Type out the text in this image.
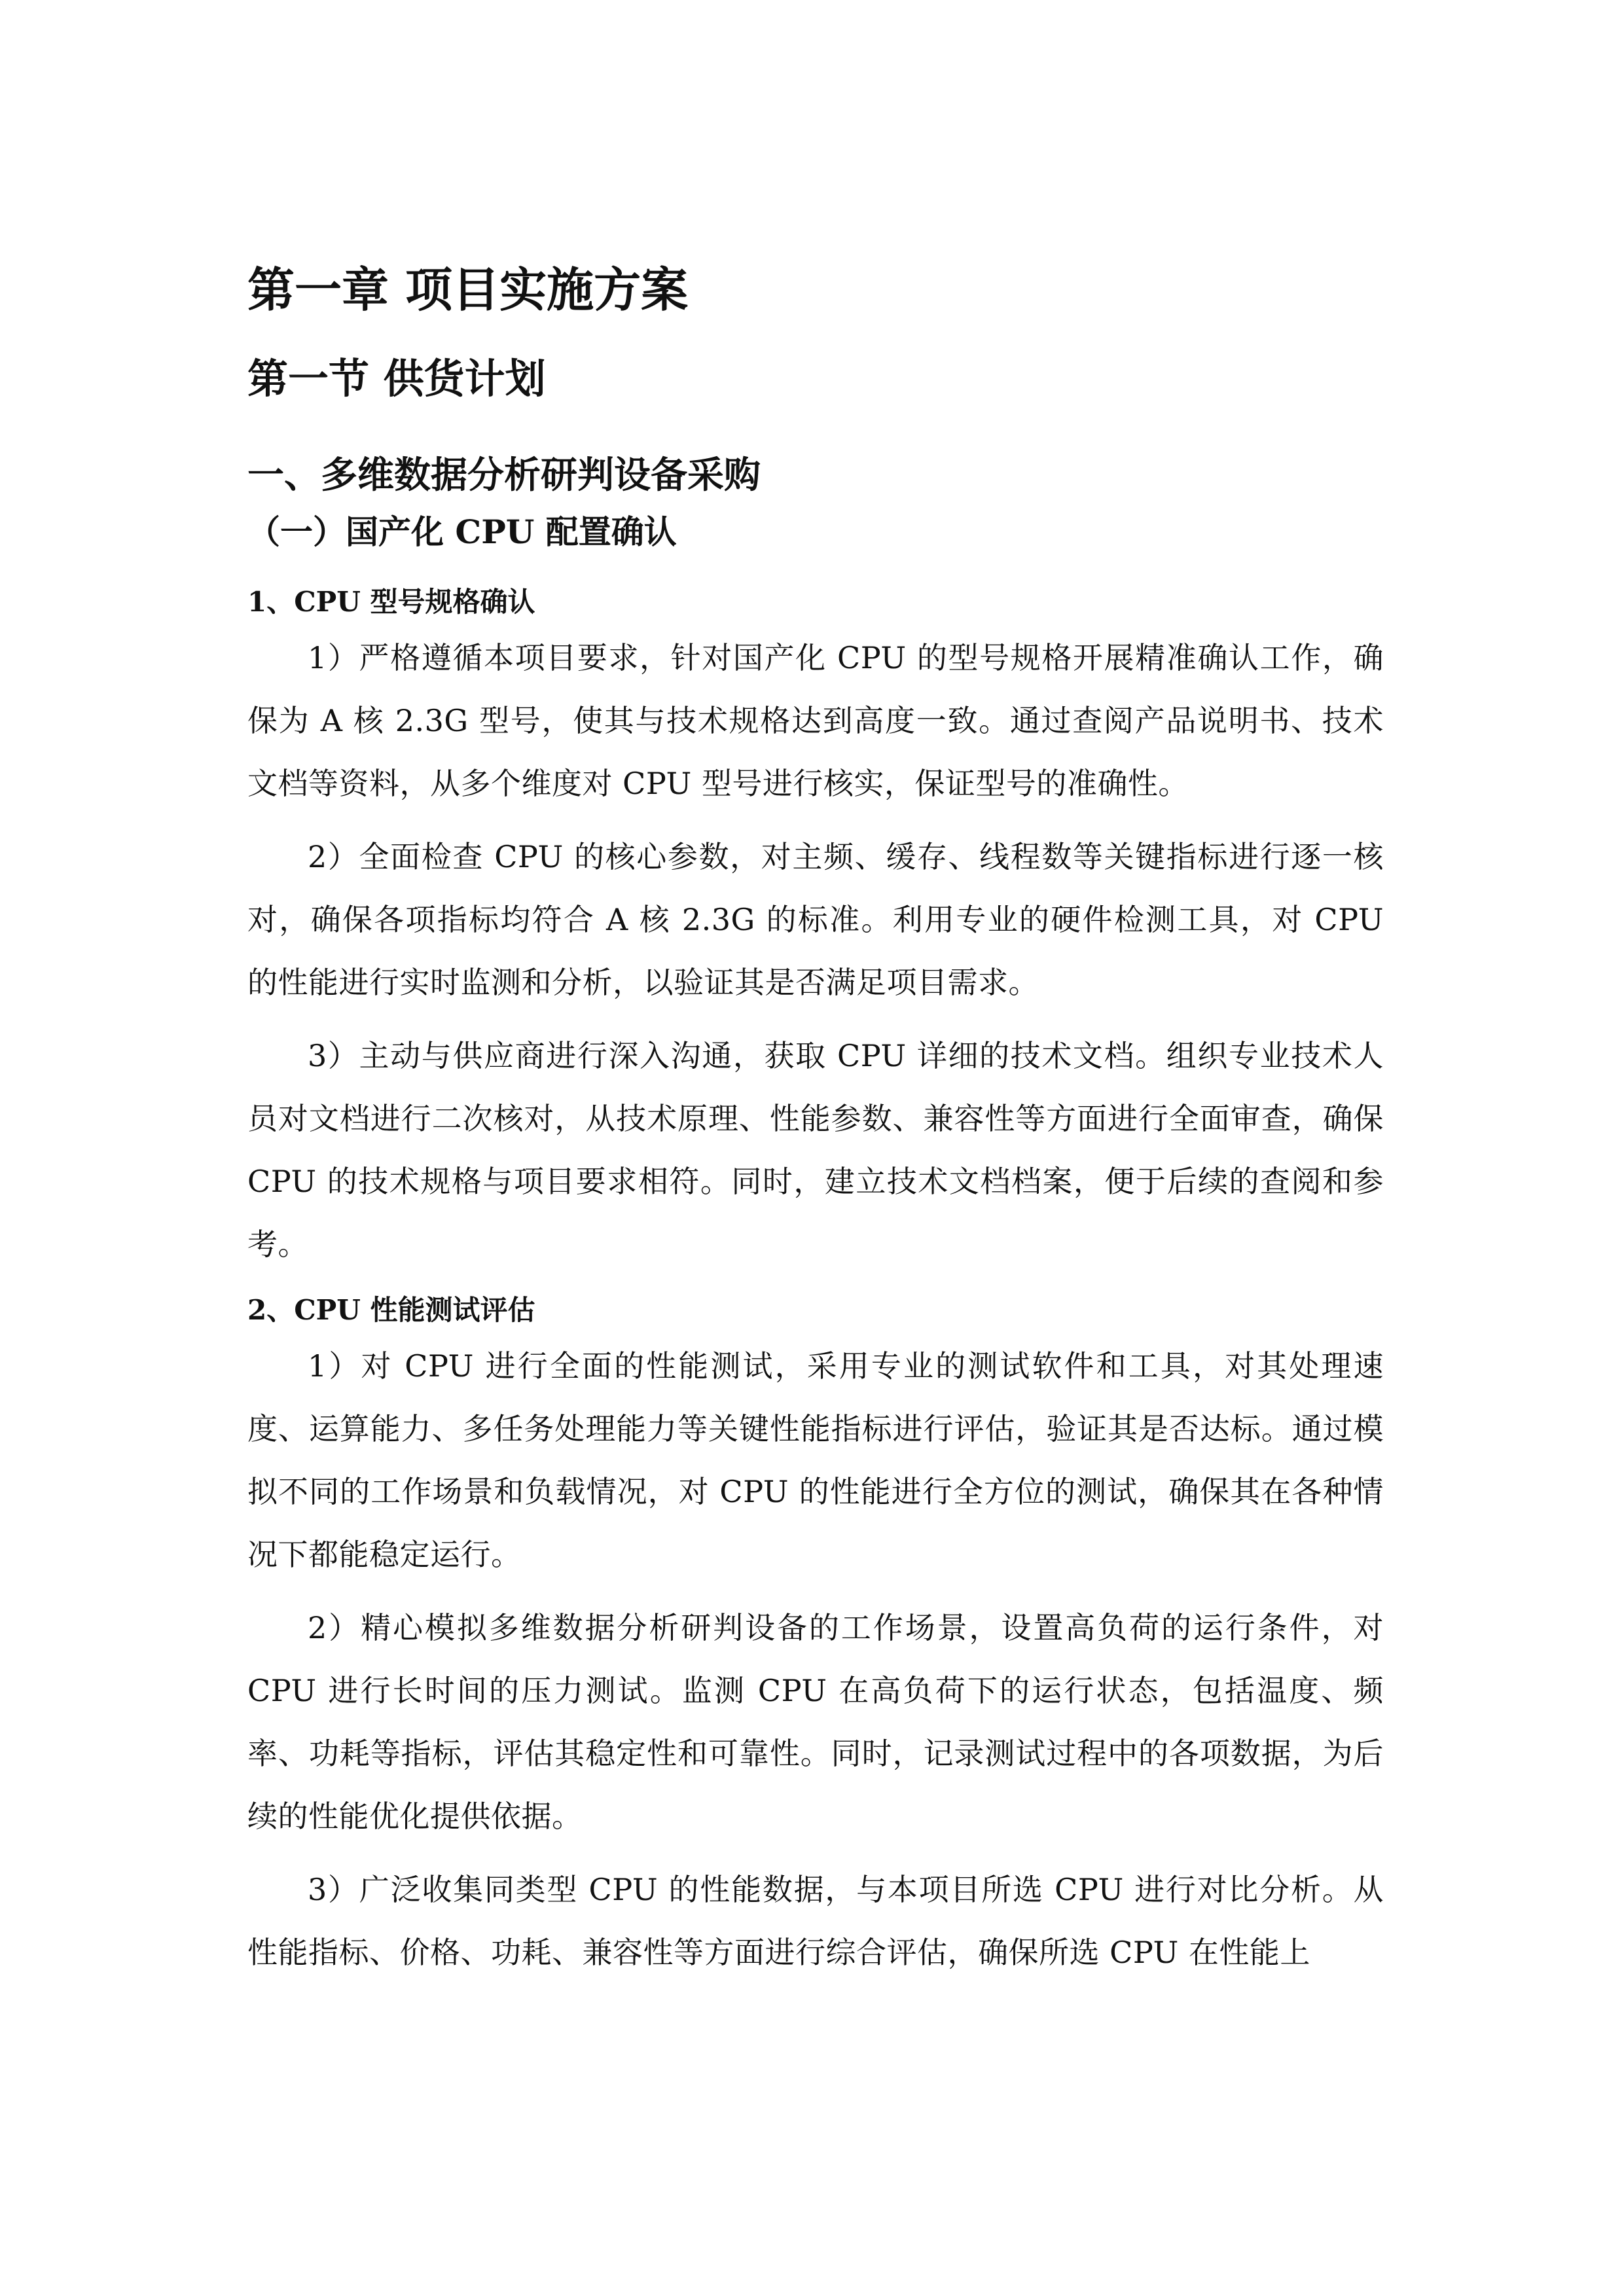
第一章 项目实施方案
第一节 供货计划
一、多维数据分析研判设备采购
（一）国产化 CPU 配置确认
1、CPU 型号规格确认

1）严格遵循本项目要求，针对国产化 CPU 的型号规格开展精准确认工作，确保为 A 核 2.3G 型号，使其与技术规格达到高度一致。通过查阅产品说明书、技术文档等资料，从多个维度对 CPU 型号进行核实，保证型号的准确性。

2）全面检查 CPU 的核心参数，对主频、缓存、线程数等关键指标进行逐一核对，确保各项指标均符合 A 核 2.3G 的标准。利用专业的硬件检测工具，对 CPU 的性能进行实时监测和分析，以验证其是否满足项目需求。

3）主动与供应商进行深入沟通，获取 CPU 详细的技术文档。组织专业技术人员对文档进行二次核对，从技术原理、性能参数、兼容性等方面进行全面审查，确保 CPU 的技术规格与项目要求相符。同时，建立技术文档档案，便于后续的查阅和参考。

2、CPU 性能测试评估

1）对 CPU 进行全面的性能测试，采用专业的测试软件和工具，对其处理速度、运算能力、多任务处理能力等关键性能指标进行评估，验证其是否达标。通过模拟不同的工作场景和负载情况，对 CPU 的性能进行全方位的测试，确保其在各种情况下都能稳定运行。

2）精心模拟多维数据分析研判设备的工作场景，设置高负荷的运行条件，对 CPU 进行长时间的压力测试。监测 CPU 在高负荷下的运行状态，包括温度、频率、功耗等指标，评估其稳定性和可靠性。同时，记录测试过程中的各项数据，为后续的性能优化提供依据。

3）广泛收集同类型 CPU 的性能数据，与本项目所选 CPU 进行对比分析。从性能指标、价格、功耗、兼容性等方面进行综合评估，确保所选 CPU 在性能上
